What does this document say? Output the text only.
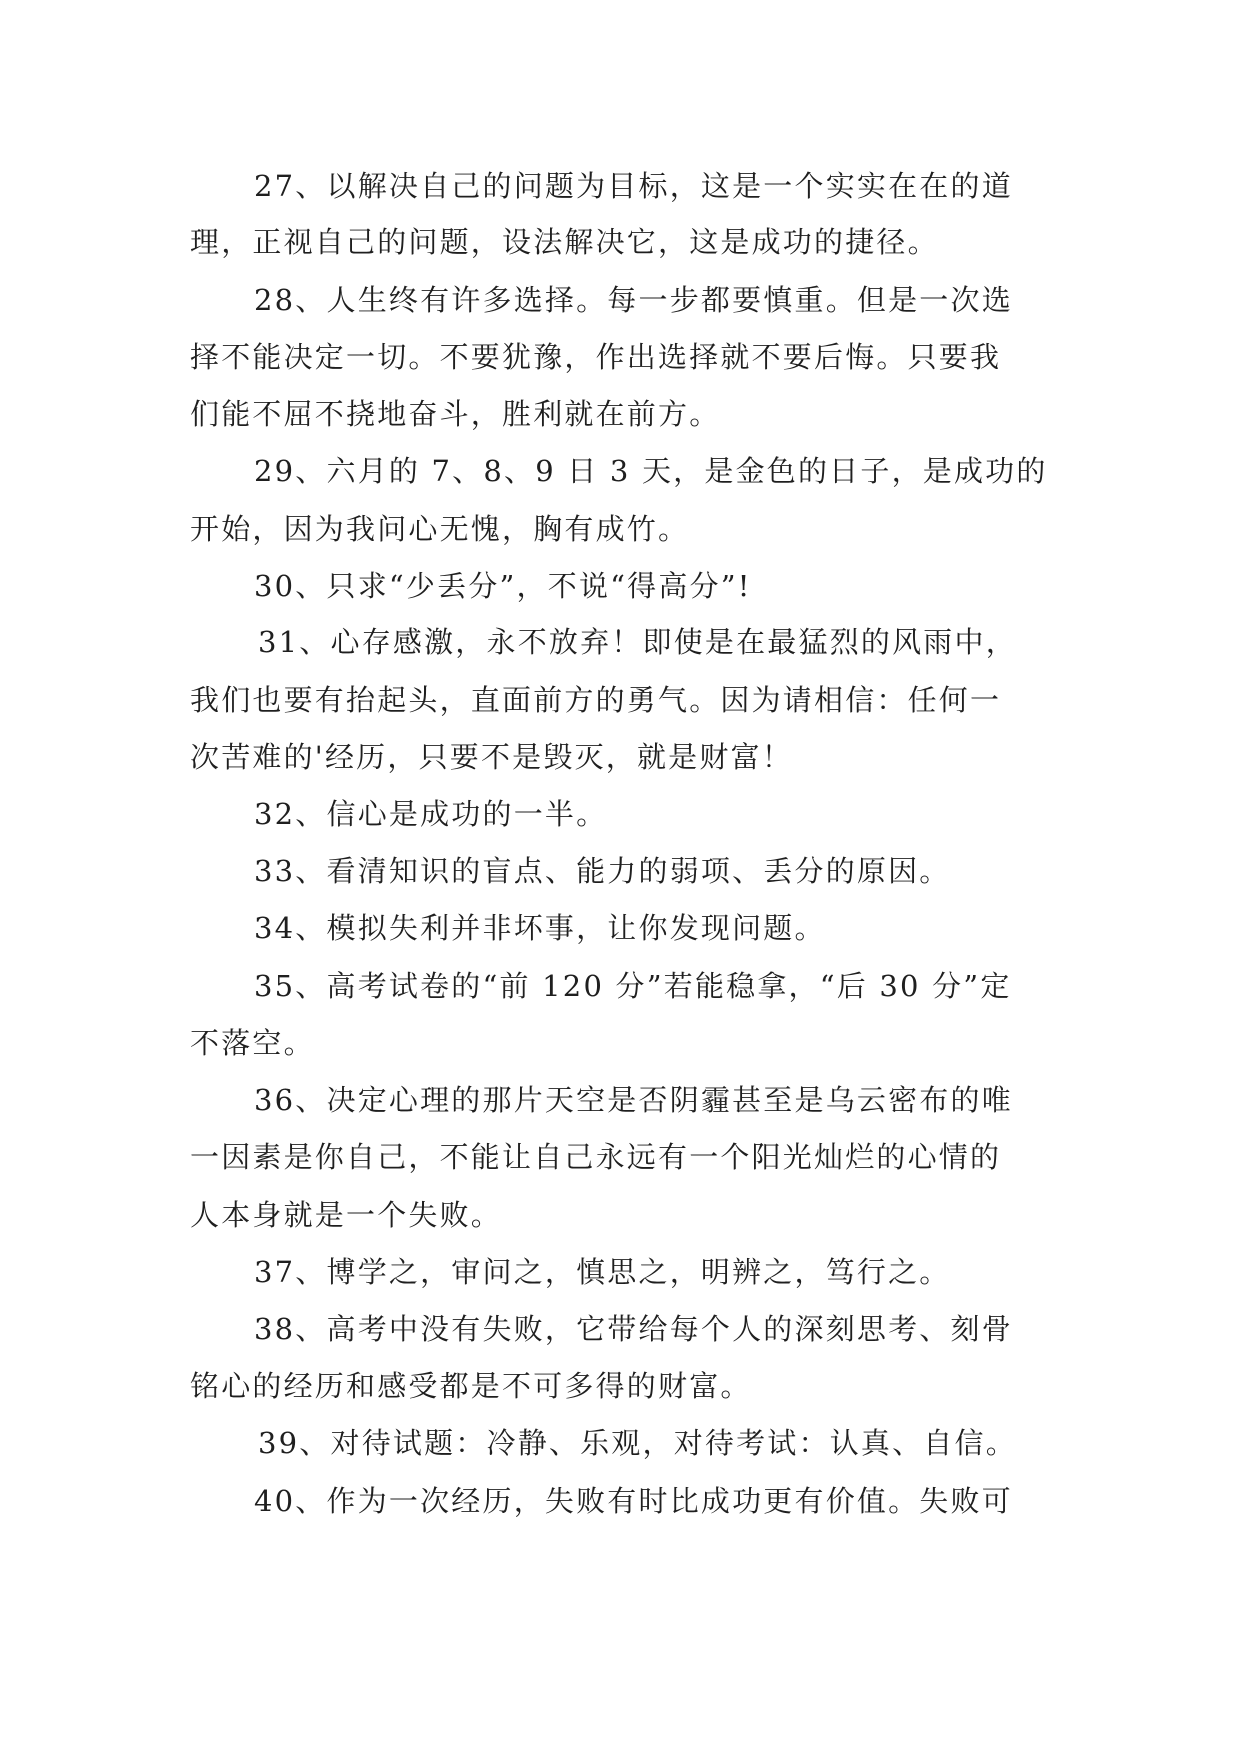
27、以解决自己的问题为目标，这是一个实实在在的道
理，正视自己的问题，设法解决它，这是成功的捷径。
28、人生终有许多选择。每一步都要慎重。但是一次选
择不能决定一切。不要犹豫，作出选择就不要后悔。只要我
们能不屈不挠地奋斗，胜利就在前方。
29、六月的 7、8、9 日 3 天，是金色的日子，是成功的
开始，因为我问心无愧，胸有成竹。
30、只求“少丢分”，不说“得高分”!
31、心存感激，永不放弃！即使是在最猛烈的风雨中，
我们也要有抬起头，直面前方的勇气。因为请相信：任何一
次苦难的'经历，只要不是毁灭，就是财富！
32、信心是成功的一半。
33、看清知识的盲点、能力的弱项、丢分的原因。
34、模拟失利并非坏事，让你发现问题。
35、高考试卷的“前 120 分”若能稳拿，“后 30 分”定
不落空。
36、决定心理的那片天空是否阴霾甚至是乌云密布的唯
一因素是你自己，不能让自己永远有一个阳光灿烂的心情的
人本身就是一个失败。
37、博学之，审问之，慎思之，明辨之，笃行之。
38、高考中没有失败，它带给每个人的深刻思考、刻骨
铭心的经历和感受都是不可多得的财富。
39、对待试题：冷静、乐观，对待考试：认真、自信。
40、作为一次经历，失败有时比成功更有价值。失败可
